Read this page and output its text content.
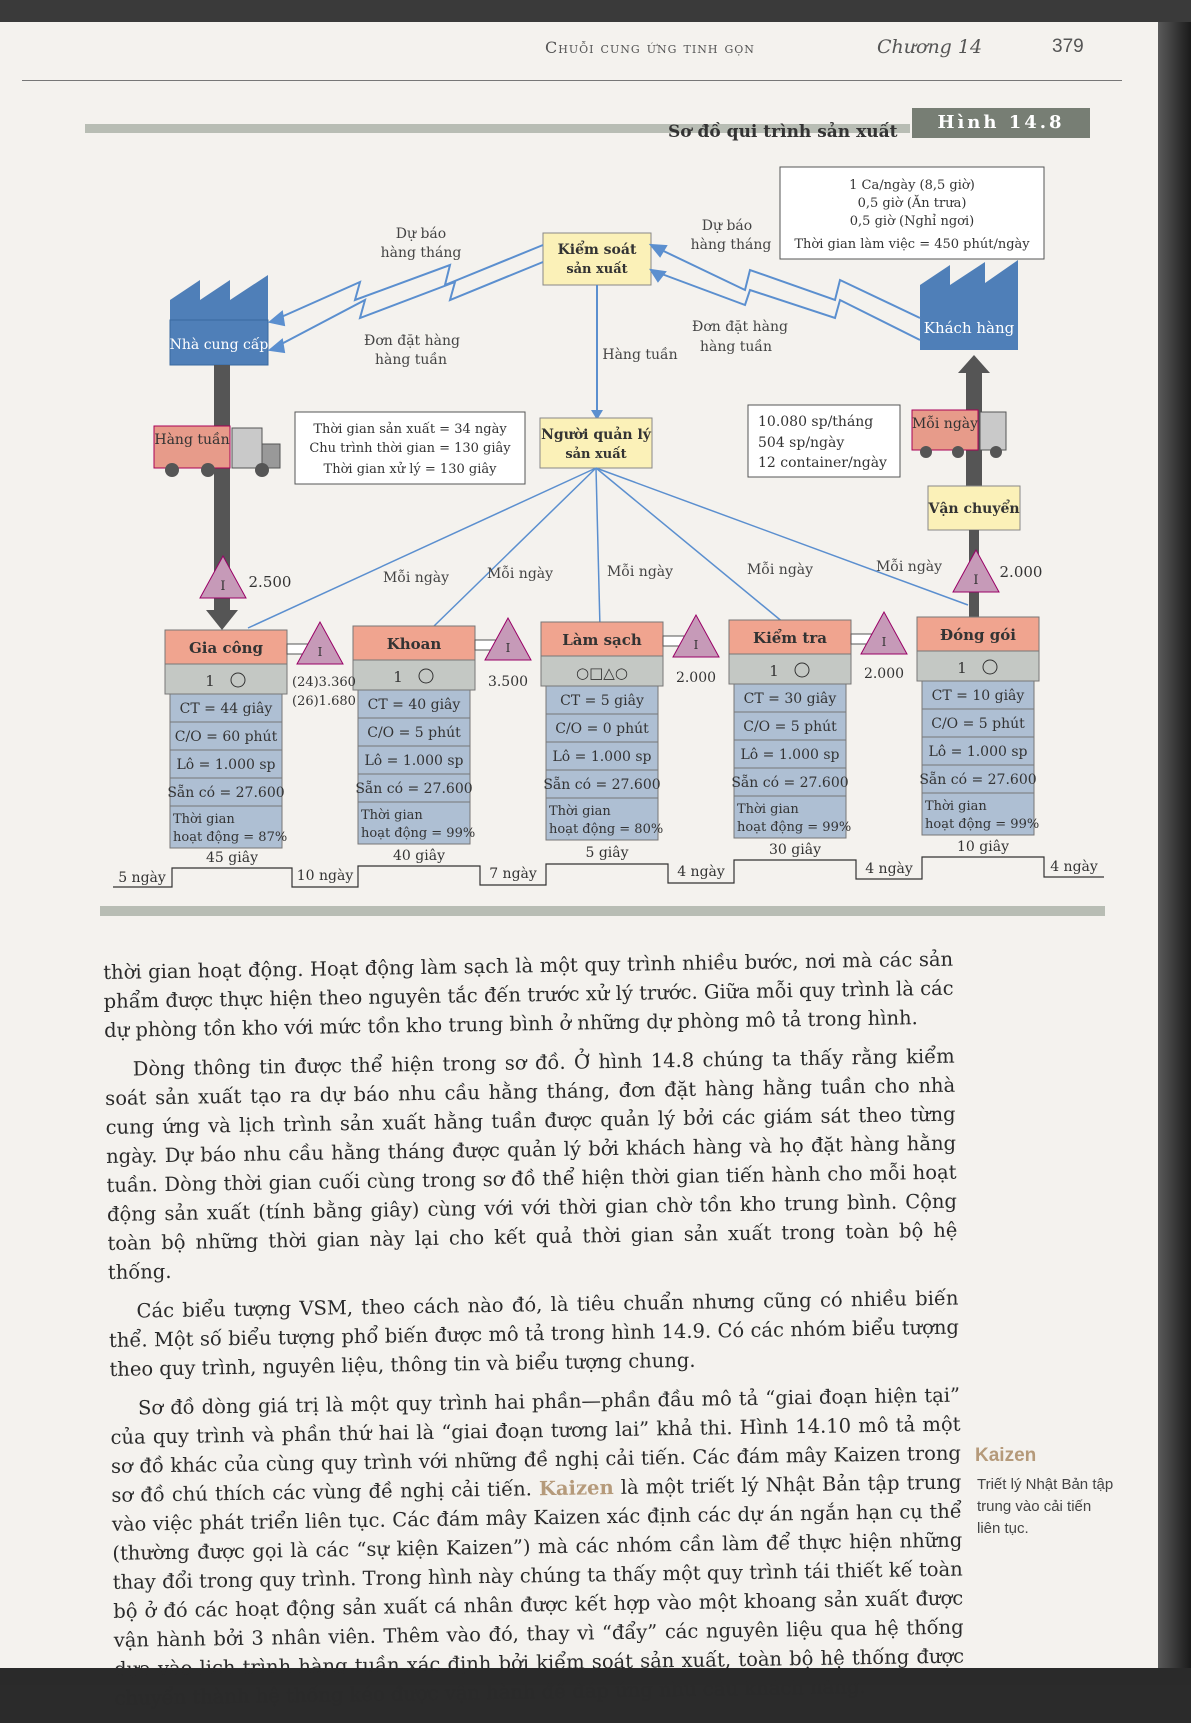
Chuỗi cung ứng tinh gọn	Chương 14	379
1 Ca/ngày (8,5 giờ)
0,5 giờ (Ăn trưa)
0,5 giờ (Nghỉ ngơi)
Thời gian làm việc = 450 phút/ngày
Kiểm soát
sản xuất
Nhà cung cấp
Khách hàng
Dự báo
hàng tháng
Dự báo
hàng tháng
Đơn đặt hàng
hàng tuần
Đơn đặt hàng
hàng tuần
Hàng tuần
Người quản lý
sản xuất
Thời gian sản xuất = 34 ngày
Chu trình thời gian = 130 giây
Thời gian xử lý = 130 giây
10.080 sp/tháng
504 sp/ngày
12 container/ngày
Hàng tuần
Mỗi ngày
Vận chuyển
Mỗi ngày	Mỗi ngày	Mỗi ngày	Mỗi ngày	Mỗi ngày
I 2.500	I 2.000
Gia công
1
CT = 44 giây
C/O = 60 phút
Lô = 1.000 sp
Sẵn có = 27.600
Thời gian
hoạt động = 87%
Khoan
1
CT = 40 giây
C/O = 5 phút
Lô = 1.000 sp
Sẵn có = 27.600
Thời gian
hoạt động = 99%
Làm sạch
○□△○
CT = 5 giây
C/O = 0 phút
Lô = 1.000 sp
Sẵn có = 27.600
Thời gian
hoạt động = 80%
Kiểm tra
1
CT = 30 giây
C/O = 5 phút
Lô = 1.000 sp
Sẵn có = 27.600
Thời gian
hoạt động = 99%
Đóng gói
1
CT = 10 giây
C/O = 5 phút
Lô = 1.000 sp
Sẵn có = 27.600
Thời gian
hoạt động = 99%
I
(24)3.360
(26)1.680
I
3.500
I
2.000
I
2.000
5 ngày
45 giây
10 ngày
40 giây
7 ngày
5 giây
4 ngày
30 giây
4 ngày
10 giây
4 ngày
Sơ đồ qui trình sản xuất	Hình 14.8

thời gian hoạt động. Hoạt động làm sạch là một quy trình nhiều bước, nơi mà các sản phẩm được thực hiện theo nguyên tắc đến trước xử lý trước. Giữa mỗi quy trình là các dự phòng tồn kho với mức tồn kho trung bình ở những dự phòng mô tả trong hình.

Dòng thông tin được thể hiện trong sơ đồ. Ở hình 14.8 chúng ta thấy rằng kiểm soát sản xuất tạo ra dự báo nhu cầu hằng tháng, đơn đặt hàng hằng tuần cho nhà cung ứng và lịch trình sản xuất hằng tuần được quản lý bởi các giám sát theo từng ngày. Dự báo nhu cầu hằng tháng được quản lý bởi khách hàng và họ đặt hàng hằng tuần. Dòng thời gian cuối cùng trong sơ đồ thể hiện thời gian tiến hành cho mỗi hoạt động sản xuất (tính bằng giây) cùng với với thời gian chờ tồn kho trung bình. Cộng toàn bộ những thời gian này lại cho kết quả thời gian sản xuất trong toàn bộ hệ thống.

Các biểu tượng VSM, theo cách nào đó, là tiêu chuẩn nhưng cũng có nhiều biến thể. Một số biểu tượng phổ biến được mô tả trong hình 14.9. Có các nhóm biểu tượng theo quy trình, nguyên liệu, thông tin và biểu tượng chung.

Sơ đồ dòng giá trị là một quy trình hai phần—phần đầu mô tả “giai đoạn hiện tại” của quy trình và phần thứ hai là “giai đoạn tương lai” khả thi. Hình 14.10 mô tả một sơ đồ khác của cùng quy trình với những đề nghị cải tiến. Các đám mây Kaizen trong sơ đồ chú thích các vùng đề nghị cải tiến. Kaizen là một triết lý Nhật Bản tập trung vào việc phát triển liên tục. Các đám mây Kaizen xác định các dự án ngắn hạn cụ thể (thường được gọi là các “sự kiện Kaizen”) mà các nhóm cần làm để thực hiện những thay đổi trong quy trình. Trong hình này chúng ta thấy một quy trình tái thiết kế toàn bộ ở đó các hoạt động sản xuất cá nhân được kết hợp vào một khoang sản xuất được vận hành bởi 3 nhân viên. Thêm vào đó, thay vì “đẩy” các nguyên liệu qua hệ thống dựa vào lịch trình hàng tuần xác định bởi kiểm soát sản xuất, toàn bộ hệ thống được chuyển thành hệ thống kéo được vận hành để đáp ứng nhu cầu khách hàng.

Kaizen
Triết lý Nhật Bản tập trung vào cải tiến liên tục.
